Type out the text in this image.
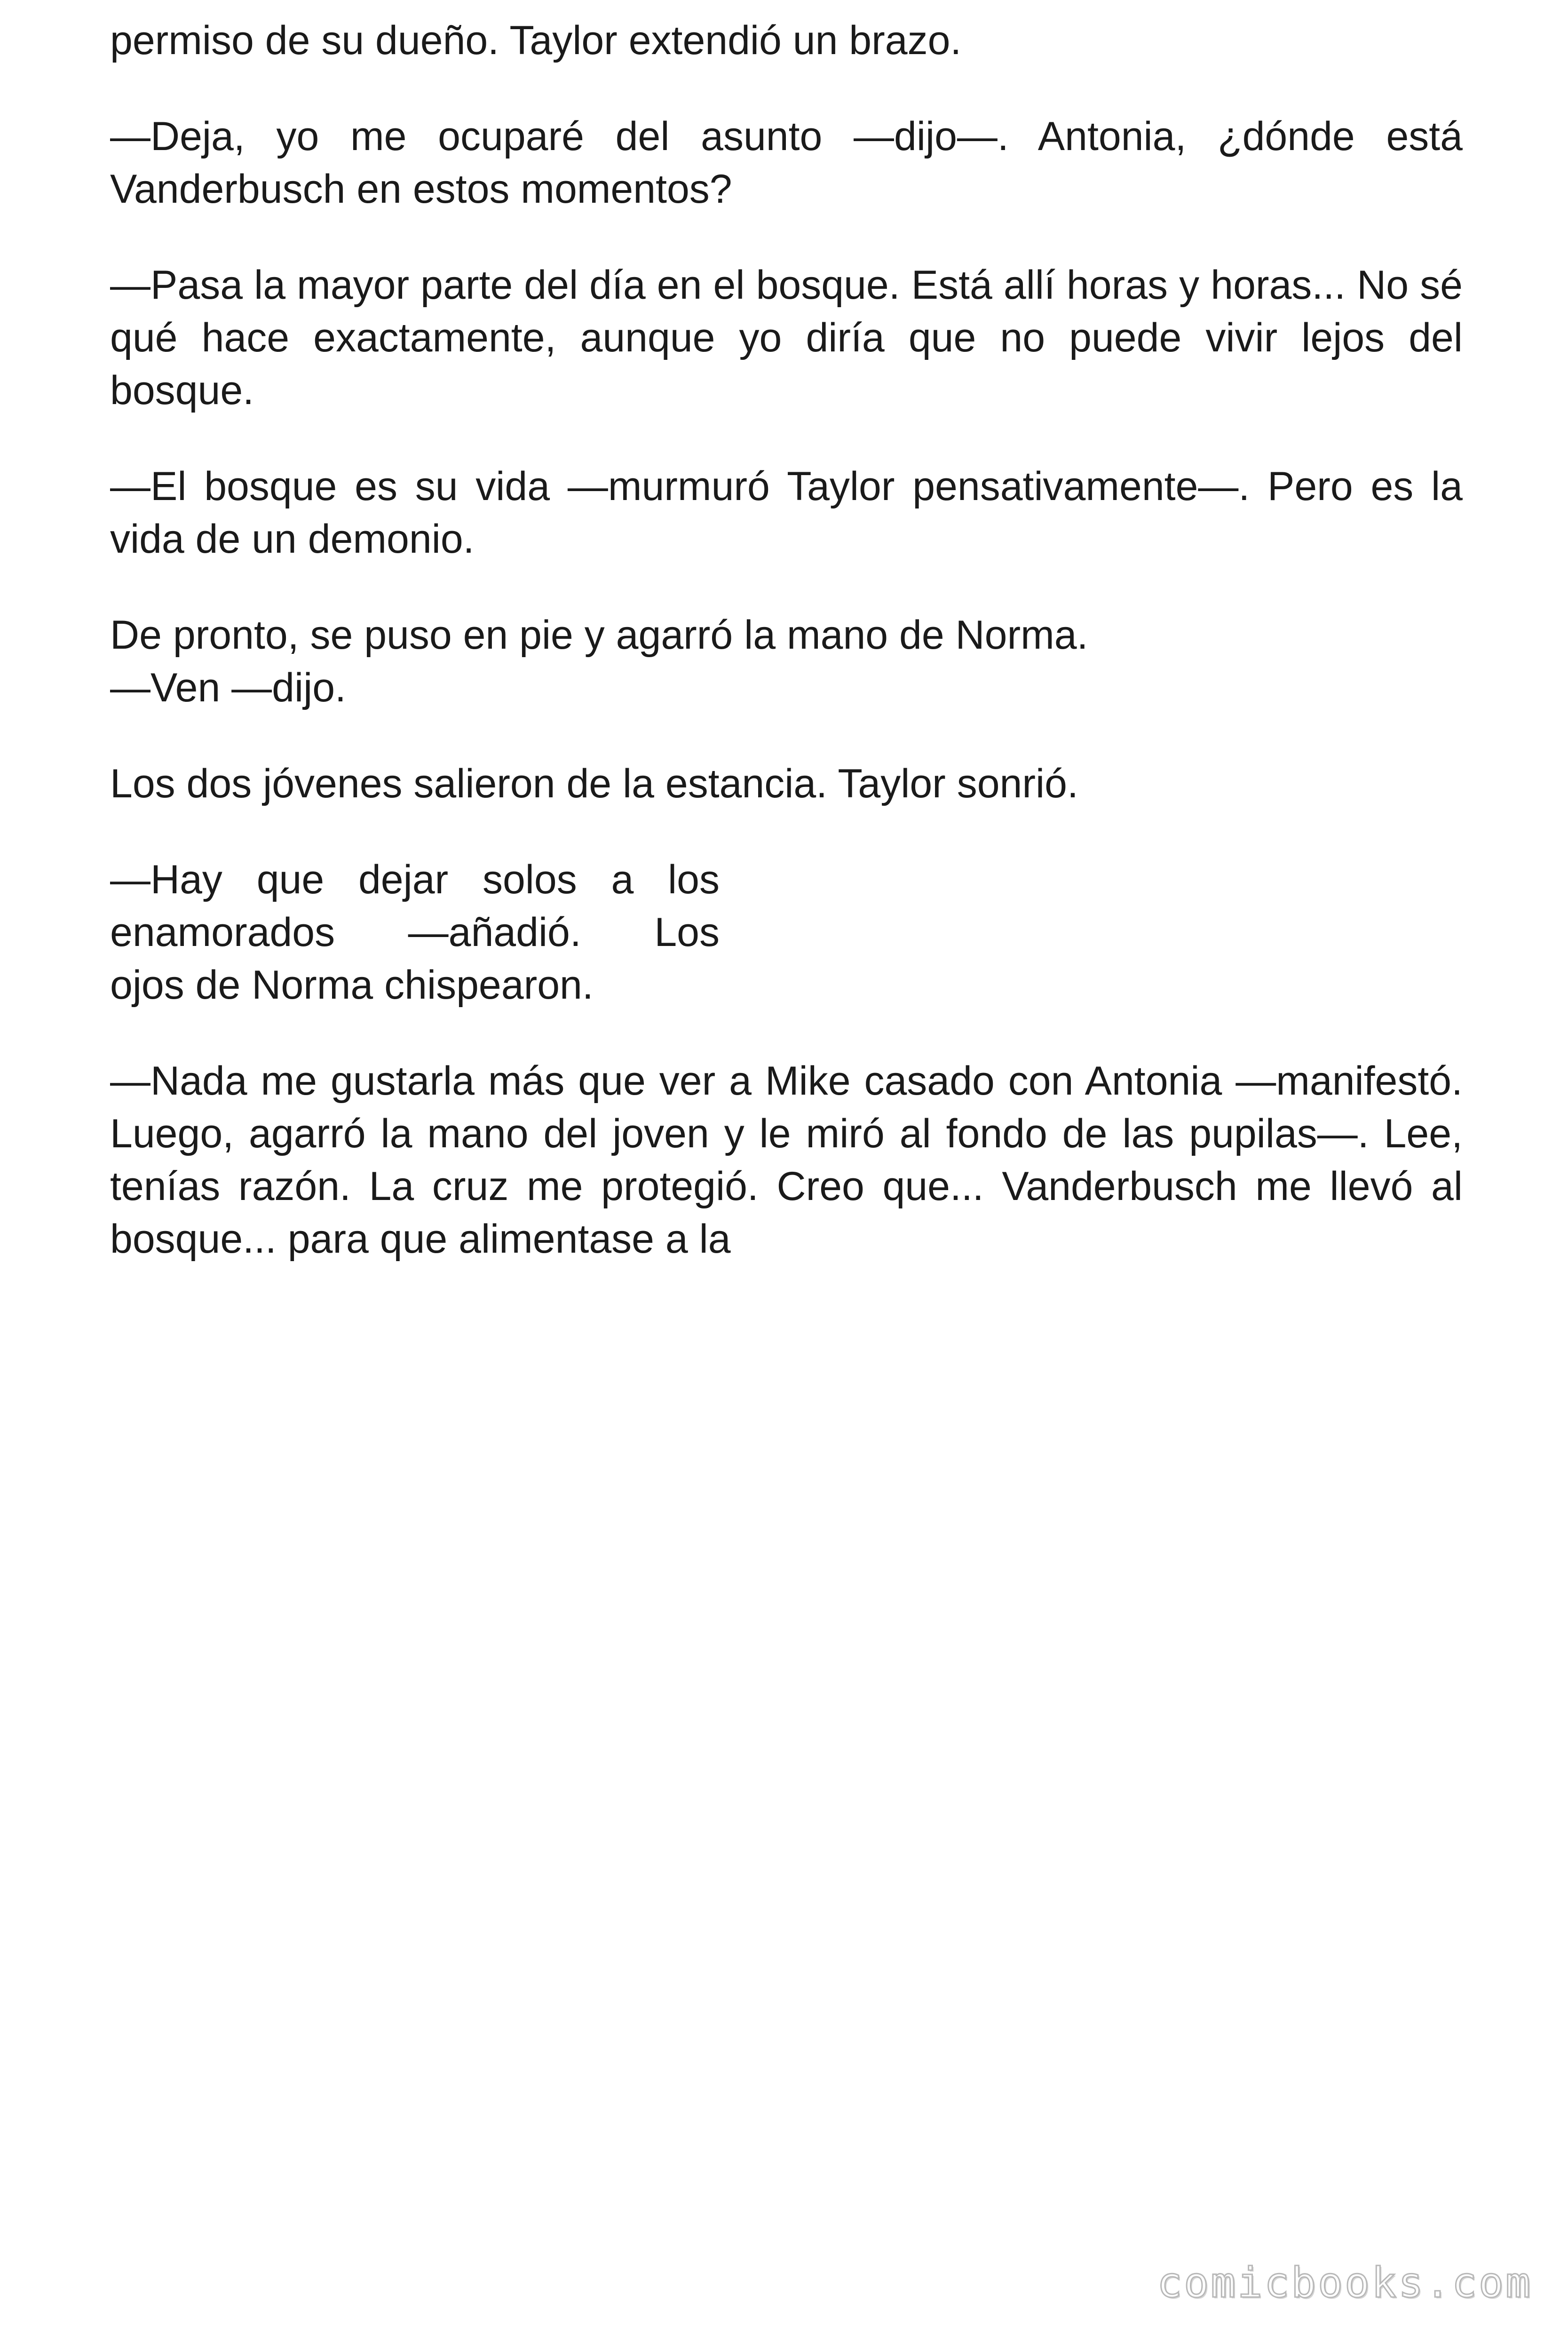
permiso de su dueño. Taylor extendió un brazo.

—Deja, yo me ocuparé del asunto —dijo—. Antonia, ¿dónde está Vanderbusch en estos momentos?

—Pasa la mayor parte del día en el bosque. Está allí horas y horas... No sé qué hace exactamente, aunque yo diría que no puede vivir lejos del bosque.

—El bosque es su vida —murmuró Taylor pensativamente—. Pero es la vida de un demonio.

De pronto, se puso en pie y agarró la mano de Norma.
—Ven —dijo.

Los dos jóvenes salieron de la estancia. Taylor sonrió.

—Hay que dejar solos a los
enamorados —añadió. Los
ojos de Norma chispearon.

—Nada me gustarla más que ver a Mike casado con Antonia —manifestó. Luego, agarró la mano del joven y le miró al fondo de las pupilas—. Lee, tenías razón. La cruz me protegió. Creo que... Vanderbusch me llevó al bosque... para que alimentase a la

comicbooks.com
